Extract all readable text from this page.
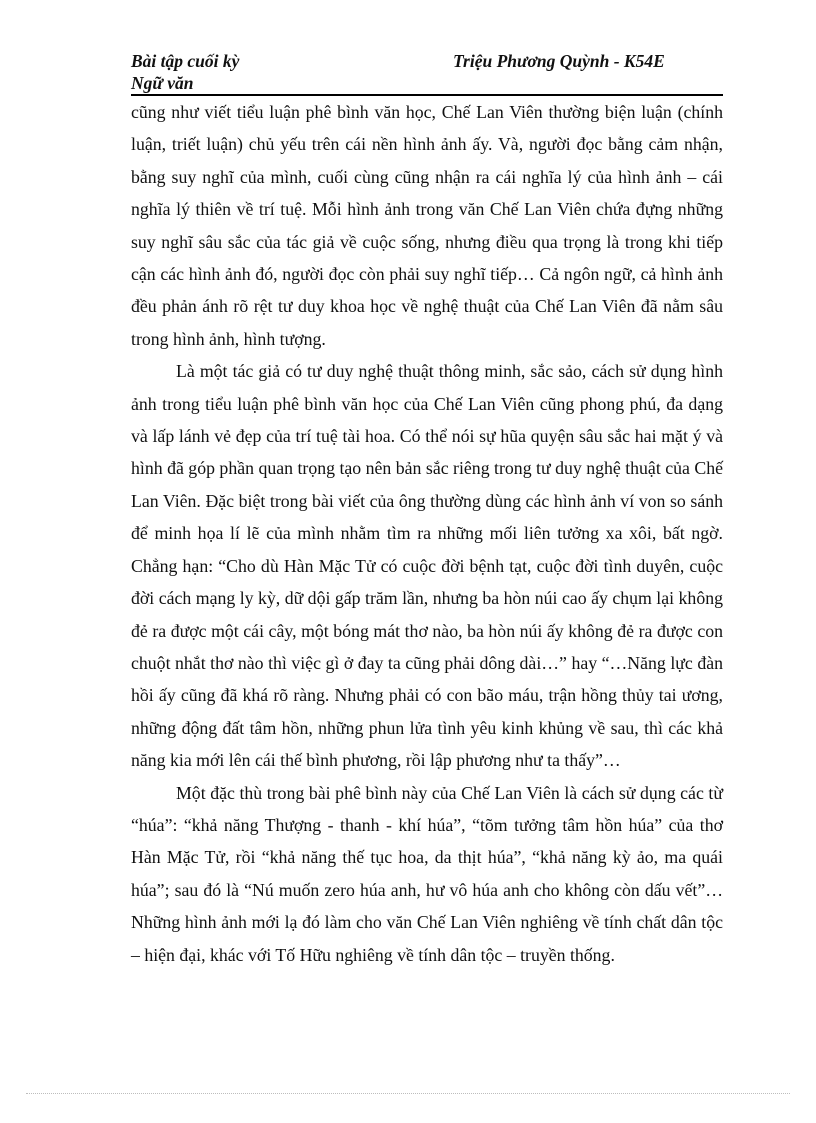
Bài tập cuối kỳ
Ngữ văn
Triệu Phương Quỳnh - K54E

cũng như viết tiểu luận phê bình văn học, Chế Lan Viên thường biện luận (chính luận, triết luận) chủ yếu trên cái nền hình ảnh ấy. Và, người đọc bằng cảm nhận, bằng suy nghĩ của mình, cuối cùng cũng nhận ra cái nghĩa lý của hình ảnh – cái nghĩa lý thiên về trí tuệ. Mỗi hình ảnh trong văn Chế Lan Viên chứa đựng những suy nghĩ sâu sắc của tác giả về cuộc sống, nhưng điều qua trọng là trong khi tiếp cận các hình ảnh đó, người đọc còn phải suy nghĩ tiếp… Cả ngôn ngữ, cả hình ảnh đều phản ánh rõ rệt tư duy khoa học về nghệ thuật của Chế Lan Viên đã nằm sâu trong hình ảnh, hình tượng.

Là một tác giả có tư duy nghệ thuật thông minh, sắc sảo, cách sử dụng hình ảnh trong tiểu luận phê bình văn học của Chế Lan Viên cũng phong phú, đa dạng và lấp lánh vẻ đẹp của trí tuệ tài hoa. Có thể nói sự hũa quyện sâu sắc hai mặt ý và hình đã góp phần quan trọng tạo nên bản sắc riêng trong tư duy nghệ thuật của Chế Lan Viên. Đặc biệt trong bài viết của ông thường dùng các hình ảnh ví von so sánh để minh họa lí lẽ của mình nhằm tìm ra những mối liên tưởng xa xôi, bất ngờ. Chẳng hạn: “Cho dù Hàn Mặc Tử có cuộc đời bệnh tạt, cuộc đời tình duyên, cuộc đời cách mạng ly kỳ, dữ dội gấp trăm lần, nhưng ba hòn núi cao ấy chụm lại không đẻ ra được một cái cây, một bóng mát thơ nào, ba hòn núi ấy không đẻ ra được con chuột nhắt thơ nào thì việc gì ở đay ta cũng phải dông dài…” hay “…Năng lực đàn hồi ấy cũng đã khá rõ ràng. Nhưng phải có con bão máu, trận hồng thủy tai ương, những động đất tâm hồn, những phun lửa tình yêu kinh khủng về sau, thì các khả năng kia mới lên cái thế bình phương, rồi lập phương như ta thấy”…

Một đặc thù trong bài phê bình này của Chế Lan Viên là cách sử dụng các từ “húa”: “khả năng Thượng - thanh - khí húa”, “tõm tưởng tâm hồn húa” của thơ Hàn Mặc Tử, rồi “khả năng thế tục hoa, da thịt húa”, “khả năng kỳ ảo, ma quái húa”; sau đó là “Nú muốn zero húa anh, hư vô húa anh cho không còn dấu vết”…Những hình ảnh mới lạ đó làm cho văn Chế Lan Viên nghiêng về tính chất dân tộc – hiện đại, khác với Tố Hữu nghiêng về tính dân tộc – truyền thống.
